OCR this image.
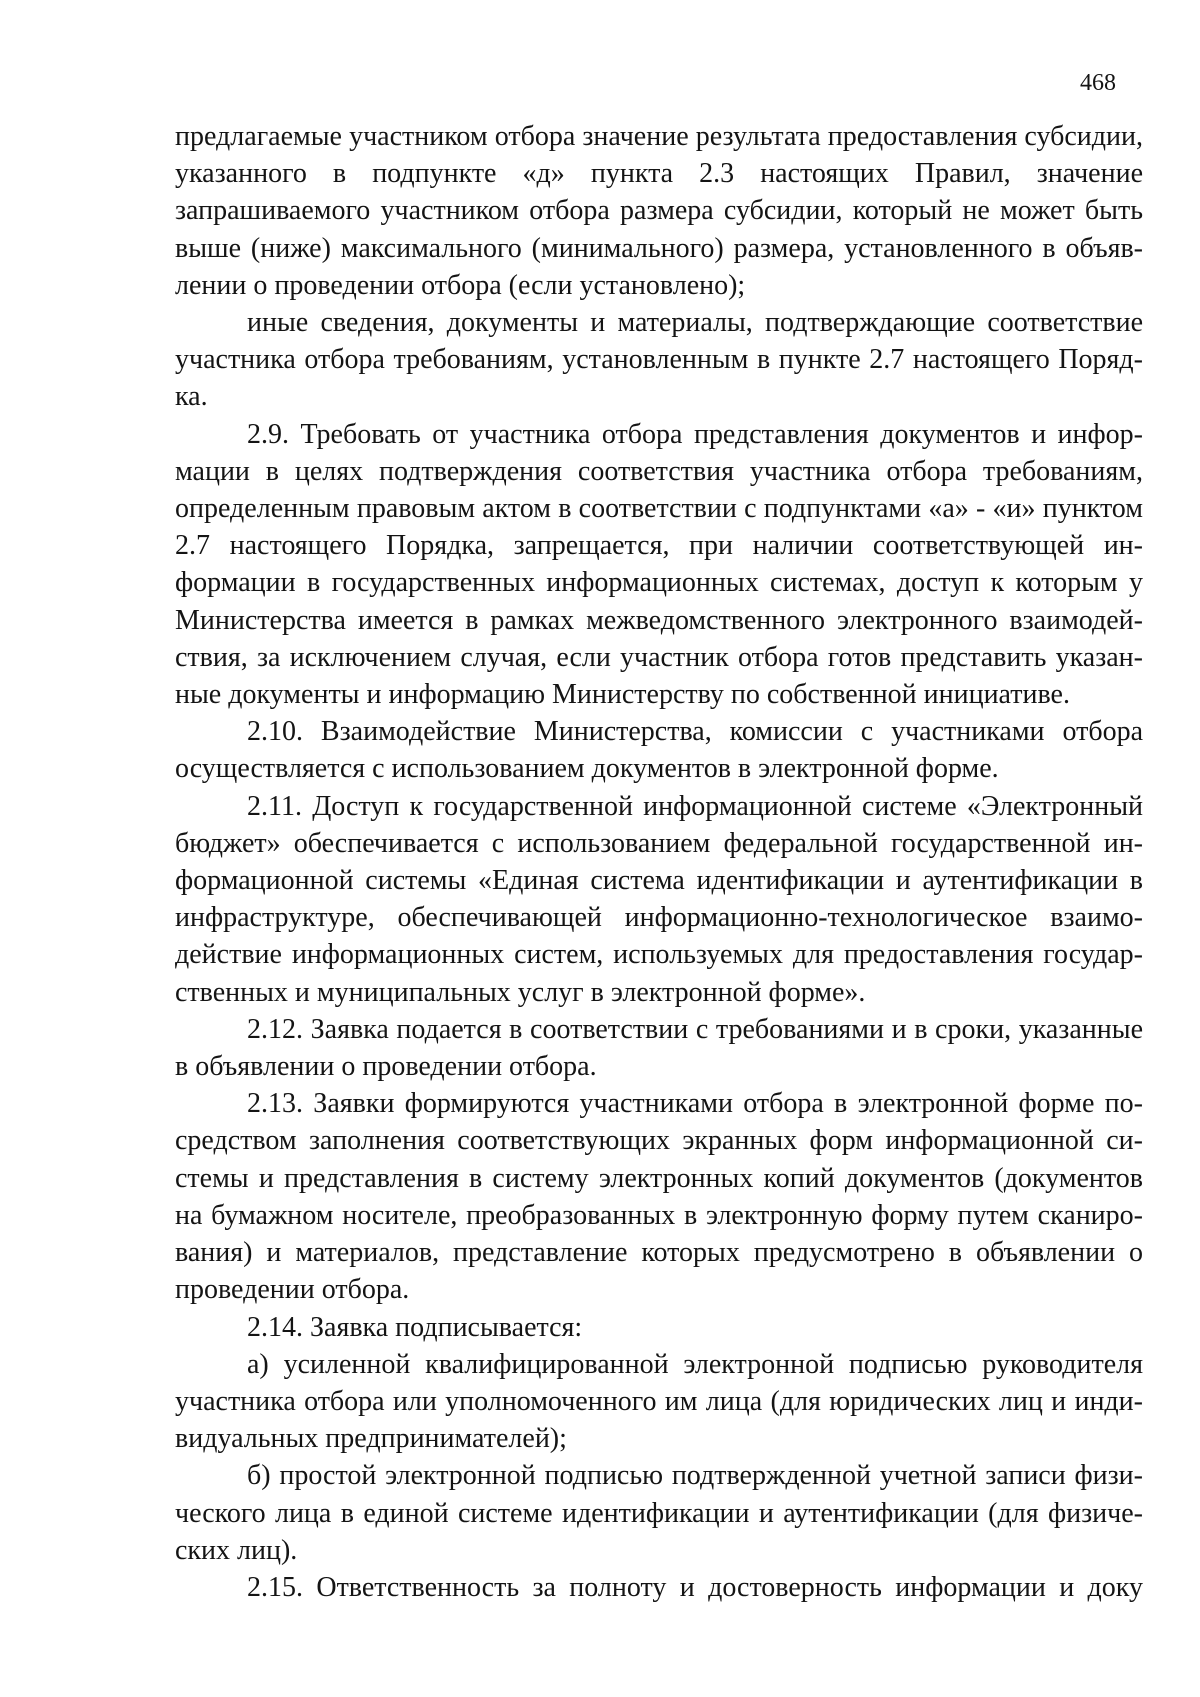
468

предлагаемые участником отбора значение результата предоставления субсидии, указанного в подпункте «д» пункта 2.3 настоящих Правил, значение запрашиваемого участником отбора размера субсидии, который не может быть выше (ниже) максимального (минимального) размера, установленного в объявлении о проведении отбора (если установлено);

иные сведения, документы и материалы, подтверждающие соответствие участника отбора требованиям, установленным в пункте 2.7 настоящего Порядка.

2.9. Требовать от участника отбора представления документов и информации в целях подтверждения соответствия участника отбора требованиям, определенным правовым актом в соответствии с подпунктами «а» - «и» пунктом 2.7 настоящего Порядка, запрещается, при наличии соответствующей информации в государственных информационных системах, доступ к которым у Министерства имеется в рамках межведомственного электронного взаимодействия, за исключением случая, если участник отбора готов представить указанные документы и информацию Министерству по собственной инициативе.

2.10. Взаимодействие Министерства, комиссии с участниками отбора осуществляется с использованием документов в электронной форме.

2.11. Доступ к государственной информационной системе «Электронный бюджет» обеспечивается с использованием федеральной государственной информационной системы «Единая система идентификации и аутентификации в инфраструктуре, обеспечивающей информационно-технологическое взаимодействие информационных систем, используемых для предоставления государственных и муниципальных услуг в электронной форме».

2.12. Заявка подается в соответствии с требованиями и в сроки, указанные в объявлении о проведении отбора.

2.13. Заявки формируются участниками отбора в электронной форме посредством заполнения соответствующих экранных форм информационной системы и представления в систему электронных копий документов (документов на бумажном носителе, преобразованных в электронную форму путем сканирования) и материалов, представление которых предусмотрено в объявлении о проведении отбора.

2.14. Заявка подписывается:

а) усиленной квалифицированной электронной подписью руководителя участника отбора или уполномоченного им лица (для юридических лиц и индивидуальных предпринимателей);

б) простой электронной подписью подтвержденной учетной записи физического лица в единой системе идентификации и аутентификации (для физических лиц).

2.15. Ответственность за полноту и достоверность информации и доку
